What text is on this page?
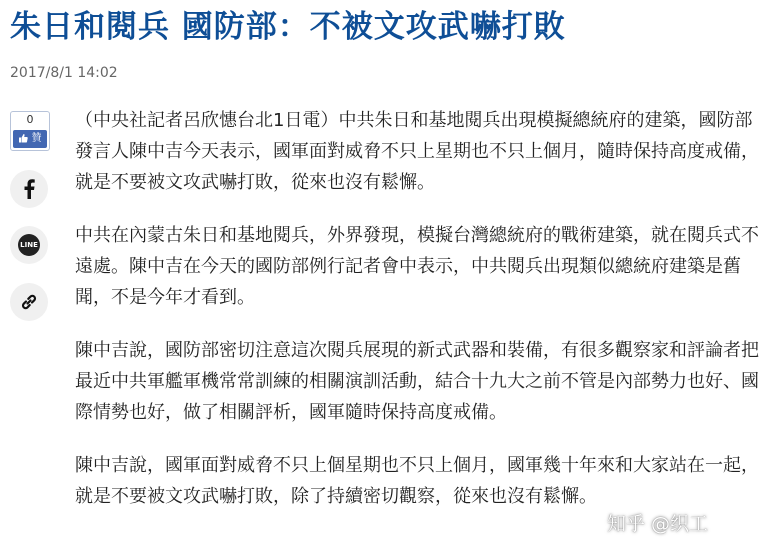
朱日和閱兵 國防部：不被文攻武嚇打敗
2017/8/1 14:02
0
贊
LINE

（中央社記者呂欣憓台北1日電）中共朱日和基地閱兵出現模擬總統府的建築，國防部發言人陳中吉今天表示，國軍面對威脅不只上星期也不只上個月，隨時保持高度戒備，就是不要被文攻武嚇打敗，從來也沒有鬆懈。

中共在內蒙古朱日和基地閱兵，外界發現，模擬台灣總統府的戰術建築，就在閱兵式不遠處。陳中吉在今天的國防部例行記者會中表示，中共閱兵出現類似總統府建築是舊聞，不是今年才看到。

陳中吉說，國防部密切注意這次閱兵展現的新式武器和裝備，有很多觀察家和評論者把最近中共軍艦軍機常常訓練的相關演訓活動，結合十九大之前不管是內部勢力也好、國際情勢也好，做了相關評析，國軍隨時保持高度戒備。

陳中吉說，國軍面對威脅不只上個星期也不只上個月，國軍幾十年來和大家站在一起，就是不要被文攻武嚇打敗，除了持續密切觀察，從來也沒有鬆懈。

知乎 @织工
